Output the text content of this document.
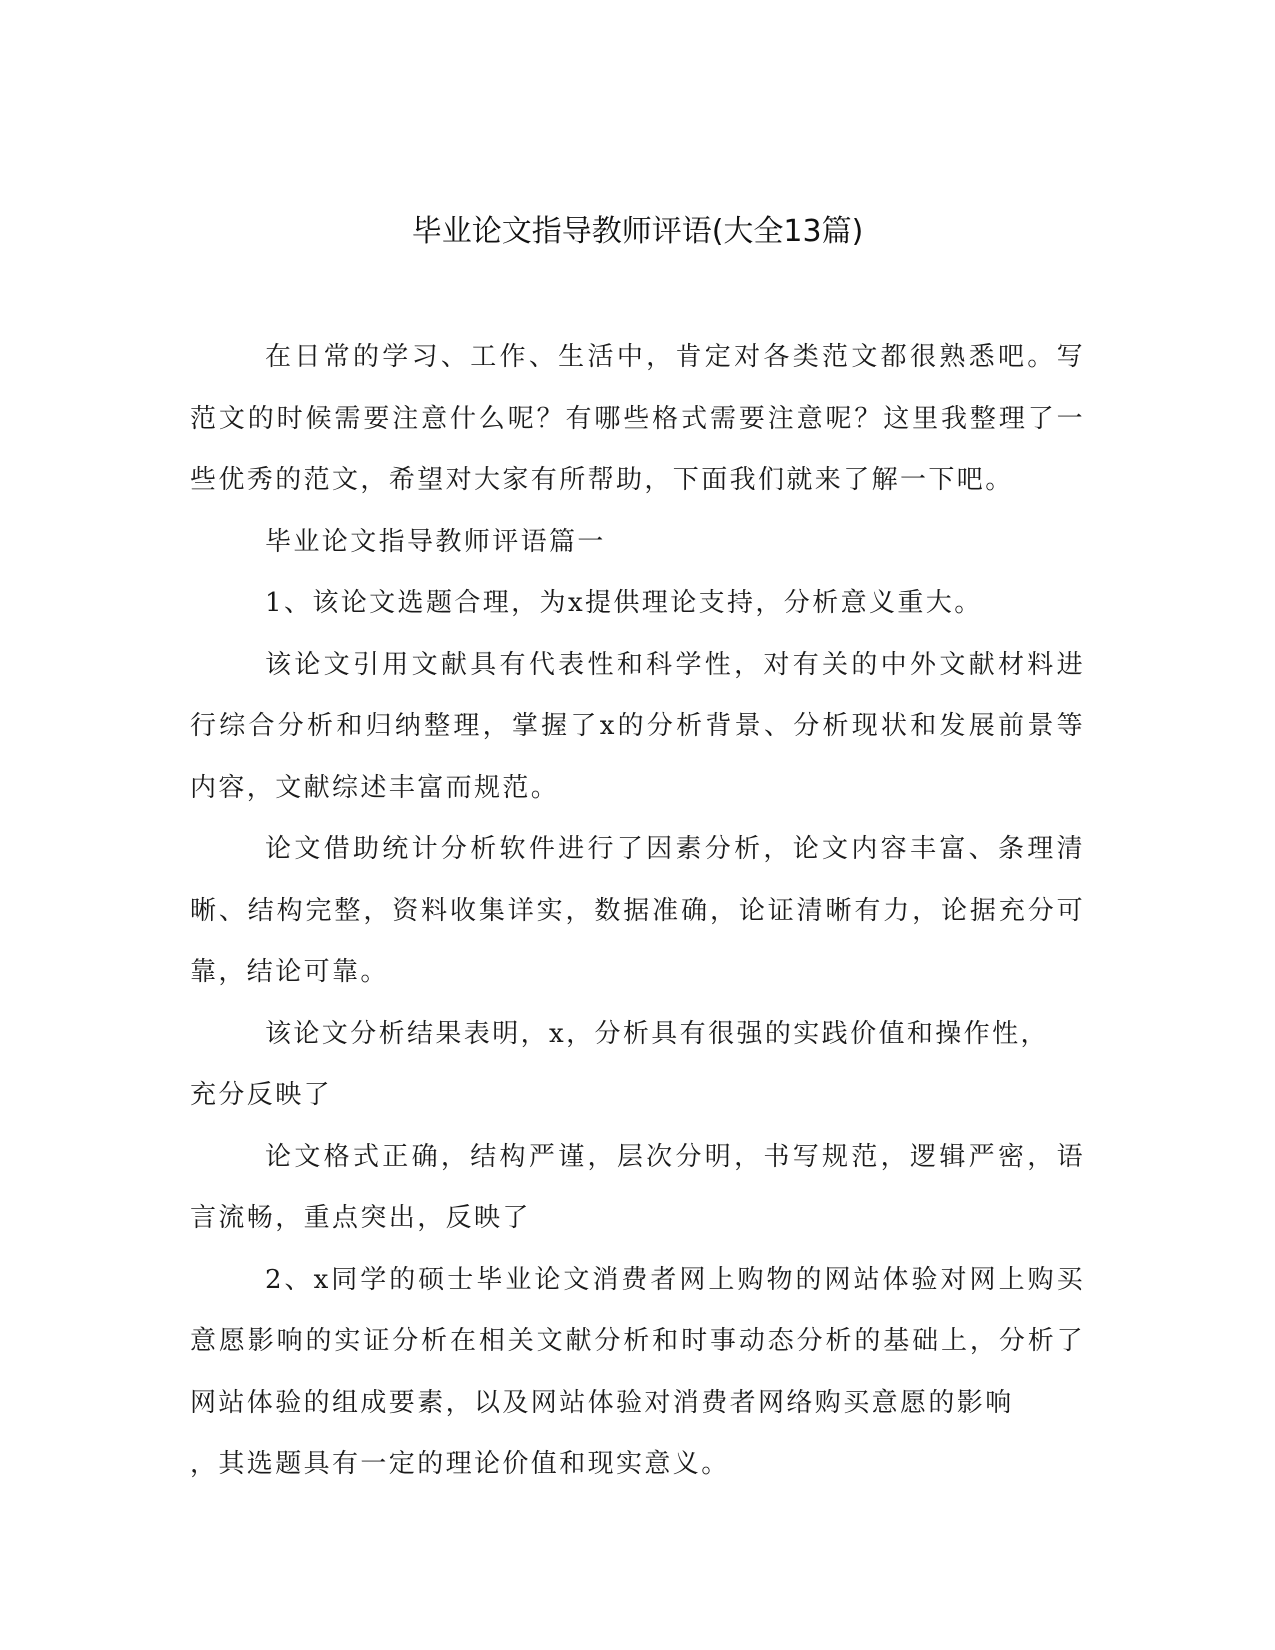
毕业论文指导教师评语(大全13篇)

在日常的学习、工作、生活中，肯定对各类范文都很熟悉吧。写范文的时候需要注意什么呢？有哪些格式需要注意呢？这里我整理了一些优秀的范文，希望对大家有所帮助，下面我们就来了解一下吧。

毕业论文指导教师评语篇一

1、该论文选题合理，为x提供理论支持，分析意义重大。

该论文引用文献具有代表性和科学性，对有关的中外文献材料进行综合分析和归纳整理，掌握了x的分析背景、分析现状和发展前景等内容，文献综述丰富而规范。

论文借助统计分析软件进行了因素分析，论文内容丰富、条理清晰、结构完整，资料收集详实，数据准确，论证清晰有力，论据充分可靠，结论可靠。

该论文分析结果表明，x，分析具有很强的实践价值和操作性，

充分反映了

论文格式正确，结构严谨，层次分明，书写规范，逻辑严密，语言流畅，重点突出，反映了

2、x同学的硕士毕业论文消费者网上购物的网站体验对网上购买意愿影响的实证分析在相关文献分析和时事动态分析的基础上，分析了网站体验的组成要素，以及网站体验对消费者网络购买意愿的影响

，其选题具有一定的理论价值和现实意义。
